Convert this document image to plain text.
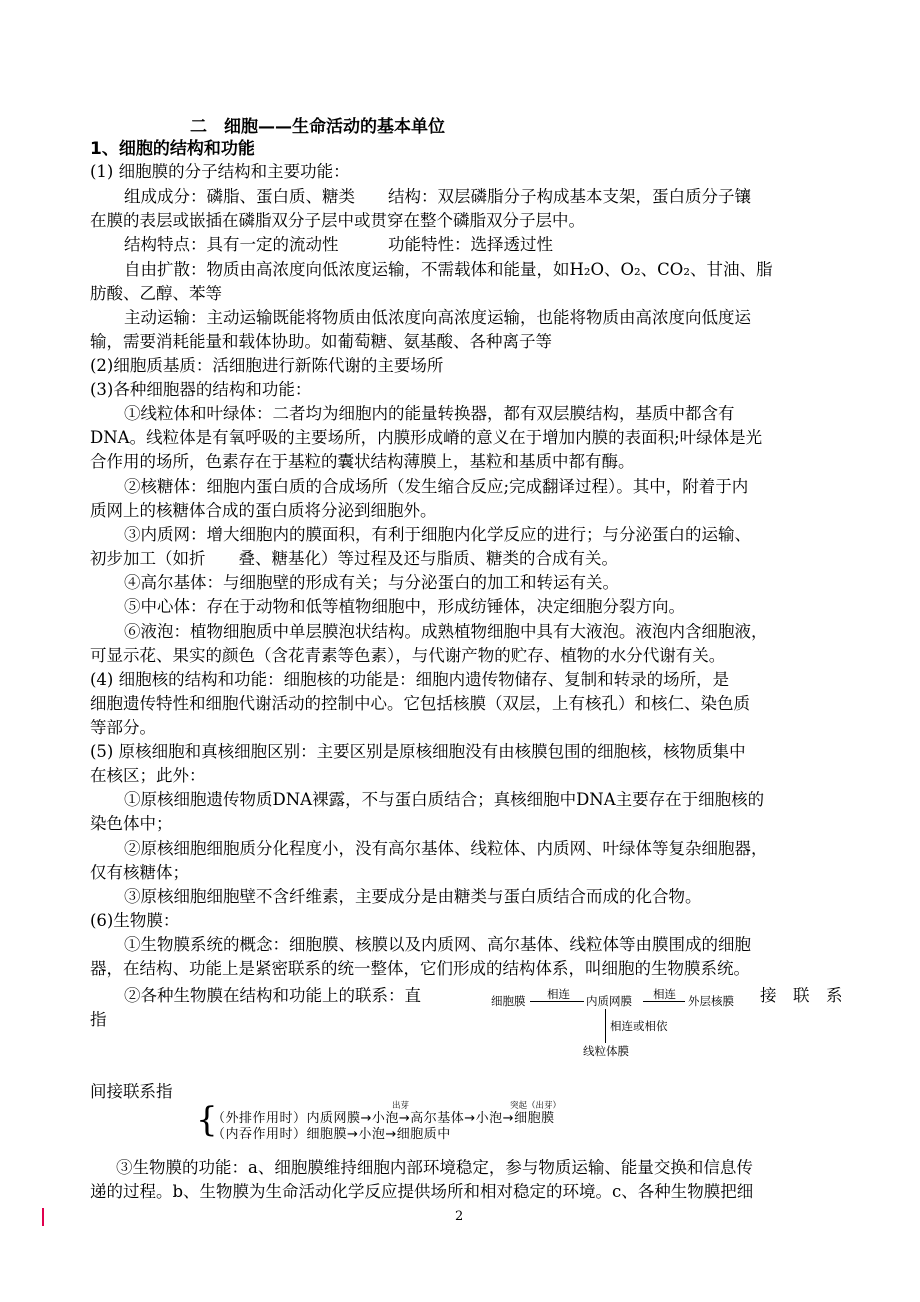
二　细胞——生命活动的基本单位
1、细胞的结构和功能
(1) 细胞膜的分子结构和主要功能：
组成成分：磷脂、蛋白质、糖类　　结构：双层磷脂分子构成基本支架，蛋白质分子镶
在膜的表层或嵌插在磷脂双分子层中或贯穿在整个磷脂双分子层中。
结构特点：具有一定的流动性　　　功能特性：选择透过性
自由扩散：物质由高浓度向低浓度运输，不需载体和能量，如H₂O、O₂、CO₂、甘油、脂
肪酸、乙醇、苯等
主动运输：主动运输既能将物质由低浓度向高浓度运输，也能将物质由高浓度向低度运
输，需要消耗能量和载体协助。如葡萄糖、氨基酸、各种离子等
(2)细胞质基质：活细胞进行新陈代谢的主要场所
(3)各种细胞器的结构和功能：
①线粒体和叶绿体：二者均为细胞内的能量转换器，都有双层膜结构，基质中都含有
DNA。线粒体是有氧呼吸的主要场所，内膜形成嵴的意义在于增加内膜的表面积;叶绿体是光
合作用的场所，色素存在于基粒的囊状结构薄膜上，基粒和基质中都有酶。
②核糖体：细胞内蛋白质的合成场所（发生缩合反应;完成翻译过程）。其中，附着于内
质网上的核糖体合成的蛋白质将分泌到细胞外。
③内质网：增大细胞内的膜面积，有利于细胞内化学反应的进行；与分泌蛋白的运输、
初步加工（如折　　叠、糖基化）等过程及还与脂质、糖类的合成有关。
④高尔基体：与细胞壁的形成有关；与分泌蛋白的加工和转运有关。
⑤中心体：存在于动物和低等植物细胞中，形成纺锤体，决定细胞分裂方向。
⑥液泡：植物细胞质中单层膜泡状结构。成熟植物细胞中具有大液泡。液泡内含细胞液，
可显示花、果实的颜色（含花青素等色素），与代谢产物的贮存、植物的水分代谢有关。
(4) 细胞核的结构和功能：细胞核的功能是：细胞内遗传物储存、复制和转录的场所，是
细胞遗传特性和细胞代谢活动的控制中心。它包括核膜（双层，上有核孔）和核仁、染色质
等部分。
(5) 原核细胞和真核细胞区别：主要区别是原核细胞没有由核膜包围的细胞核，核物质集中
在核区；此外：
①原核细胞遗传物质DNA裸露，不与蛋白质结合；真核细胞中DNA主要存在于细胞核的
染色体中；
②原核细胞细胞质分化程度小，没有高尔基体、线粒体、内质网、叶绿体等复杂细胞器，
仅有核糖体；
③原核细胞细胞壁不含纤维素，主要成分是由糖类与蛋白质结合而成的化合物。
(6)生物膜：
①生物膜系统的概念：细胞膜、核膜以及内质网、高尔基体、线粒体等由膜围成的细胞
器，在结构、功能上是紧密联系的统一整体，它们形成的结构体系，叫细胞的生物膜系统。
②各种生物膜在结构和功能上的联系：直
指
接　联　系
细胞膜 相连 内质网膜 相连 外层核膜
相连或相依
线粒体膜
间接联系指
{	出芽	突起（出芽）
（外排作用时）内质网膜→小泡→高尔基体→小泡→细胞膜
（内吞作用时）细胞膜→小泡→细胞质中
③生物膜的功能：a、细胞膜维持细胞内部环境稳定，参与物质运输、能量交换和信息传
递的过程。b、生物膜为生命活动化学反应提供场所和相对稳定的环境。c、各种生物膜把细
2
